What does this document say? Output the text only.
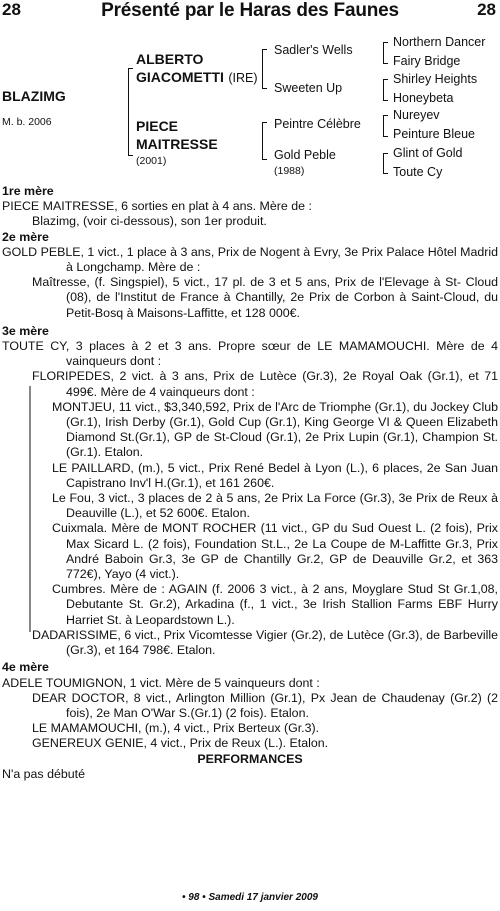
28	Présenté par le Haras des Faunes	28
BLAZIMG
M. b. 2006
ALBERTO
GIACOMETTI (IRE)
PIECE
MAITRESSE
(2001)
Sadler's Wells
Sweeten Up
Peintre Célèbre
Gold Peble
(1988)
Northern Dancer
Fairy Bridge
Shirley Heights
Honeybeta
Nureyev
Peinture Bleue
Glint of Gold
Toute Cy

1re mère

PIECE MAITRESSE, 6 sorties en plat à 4 ans. Mère de :

Blazimg, (voir ci-dessous), son 1er produit.

2e mère

GOLD PEBLE, 1 vict., 1 place à 3 ans, Prix de Nogent à Evry, 3e Prix Palace Hôtel Madrid à Longchamp. Mère de :

Maîtresse, (f. Singspiel), 5 vict., 17 pl. de 3 et 5 ans, Prix de l'Elevage à St- Cloud (08), de l'Institut de France à Chantilly, 2e Prix de Corbon à Saint-Cloud, du Petit-Bosq à Maisons-Laffitte, et 128 000€.

3e mère

TOUTE CY, 3 places à 2 et 3 ans. Propre sœur de LE MAMAMOUCHI. Mère de 4 vainqueurs dont :

FLORIPEDES, 2 vict. à 3 ans, Prix de Lutèce (Gr.3), 2e Royal Oak (Gr.1), et 71 499€. Mère de 4 vainqueurs dont :

MONTJEU, 11 vict., $3,340,592, Prix de l'Arc de Triomphe (Gr.1), du Jockey Club (Gr.1), Irish Derby (Gr.1), Gold Cup (Gr.1), King George VI & Queen Elizabeth Diamond St.(Gr.1), GP de St-Cloud (Gr.1), 2e Prix Lupin (Gr.1), Champion St.(Gr.1). Etalon.

LE PAILLARD, (m.), 5 vict., Prix René Bedel à Lyon (L.), 6 places, 2e San Juan Capistrano Inv'l H.(Gr.1), et 161 260€.

Le Fou, 3 vict., 3 places de 2 à 5 ans, 2e Prix La Force (Gr.3), 3e Prix de Reux à Deauville (L.), et 52 600€. Etalon.

Cuixmala. Mère de MONT ROCHER (11 vict., GP du Sud Ouest L. (2 fois), Prix Max Sicard L. (2 fois), Foundation St.L., 2e La Coupe de M-Laffitte Gr.3, Prix André Baboin Gr.3, 3e GP de Chantilly Gr.2, GP de Deauville Gr.2, et 363 772€), Yayo (4 vict.).

Cumbres. Mère de : AGAIN (f. 2006 3 vict., à 2 ans, Moyglare Stud St Gr.1,08, Debutante St. Gr.2), Arkadina (f., 1 vict., 3e Irish Stallion Farms EBF Hurry Harriet St. à Leopardstown L.).

DADARISSIME, 6 vict., Prix Vicomtesse Vigier (Gr.2), de Lutèce (Gr.3), de Barbeville (Gr.3), et 164 798€. Etalon.

4e mère

ADELE TOUMIGNON, 1 vict. Mère de 5 vainqueurs dont :

DEAR DOCTOR, 8 vict., Arlington Million (Gr.1), Px Jean de Chaudenay (Gr.2) (2 fois), 2e Man O'War S.(Gr.1) (2 fois). Etalon.

LE MAMAMOUCHI, (m.), 4 vict., Prix Berteux (Gr.3).

GENEREUX GENIE, 4 vict., Prix de Reux (L.). Etalon.

PERFORMANCES

N'a pas débuté

• 98 • Samedi 17 janvier 2009
